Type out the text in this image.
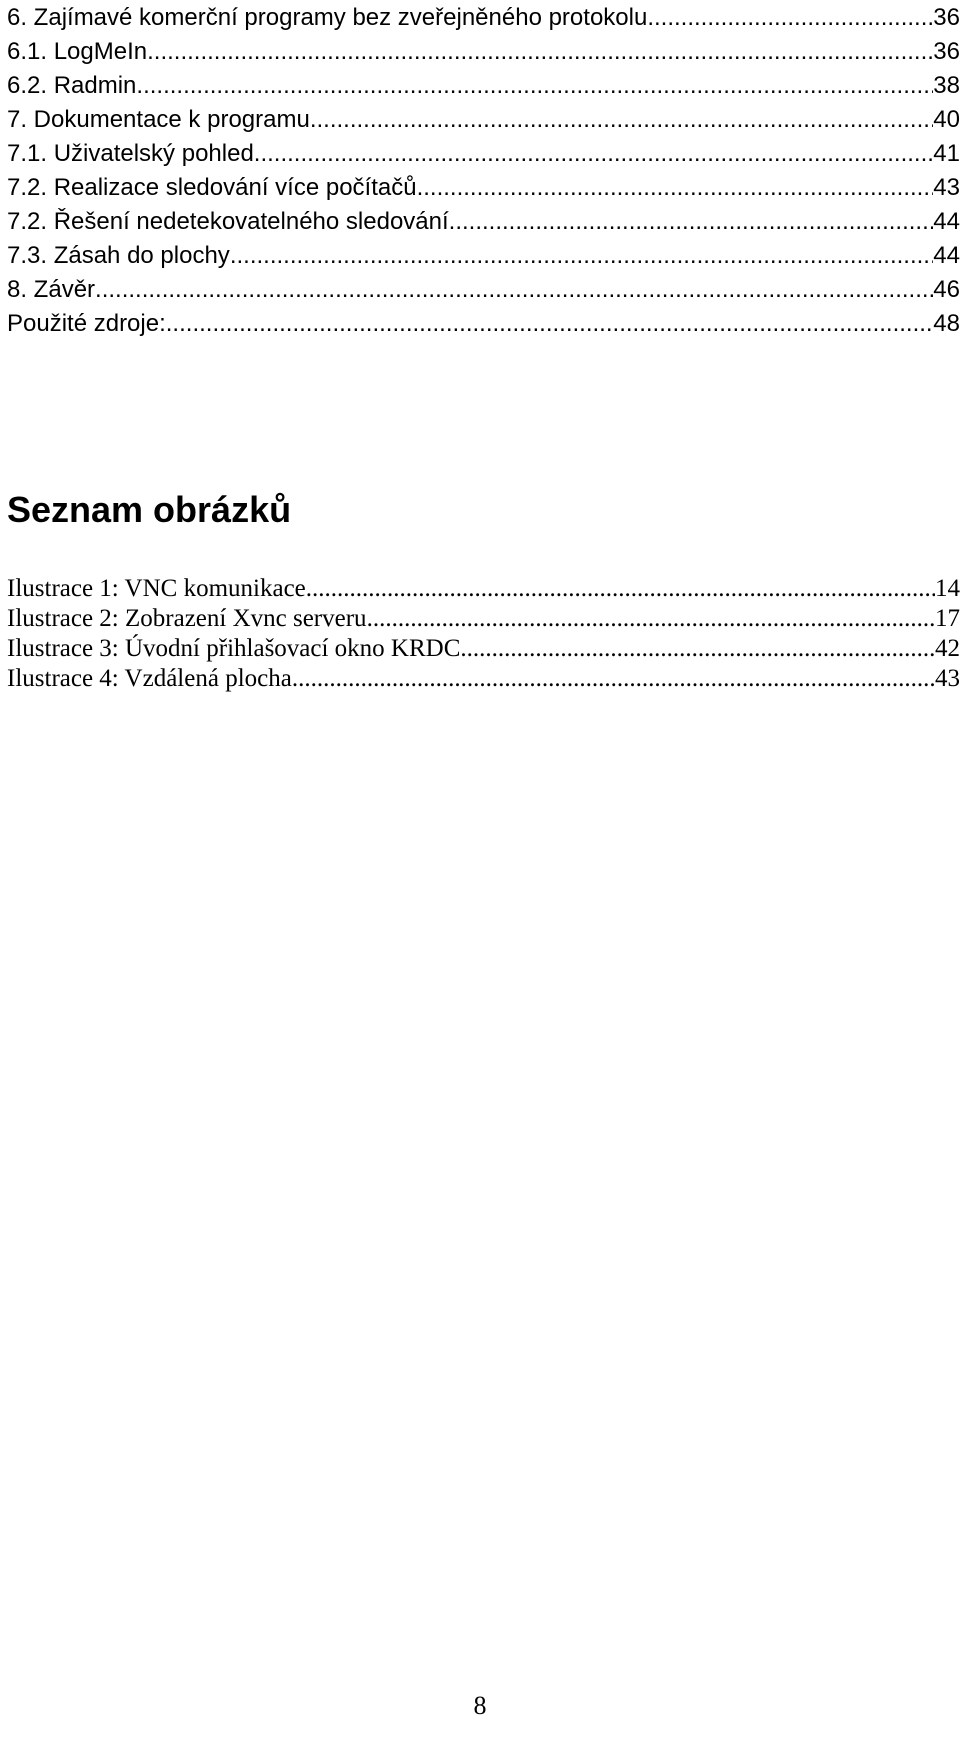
6. Zajímavé komerční programy bez zveřejněného protokolu .....	36
6.1. LogMeIn .....	36
6.2. Radmin .....	38
7. Dokumentace k programu .....	40
7.1. Uživatelský pohled .....	41
7.2. Realizace sledování více počítačů .....	43
7.2. Řešení nedetekovatelného sledování .....	44
7.3. Zásah do plochy .....	44
8. Závěr .....	46
Použité zdroje: .....	48
Seznam obrázků
Ilustrace 1: VNC komunikace .....	14
Ilustrace 2: Zobrazení Xvnc serveru .....	17
Ilustrace 3: Úvodní přihlašovací okno KRDC .....	42
Ilustrace 4: Vzdálená plocha .....	43
8
